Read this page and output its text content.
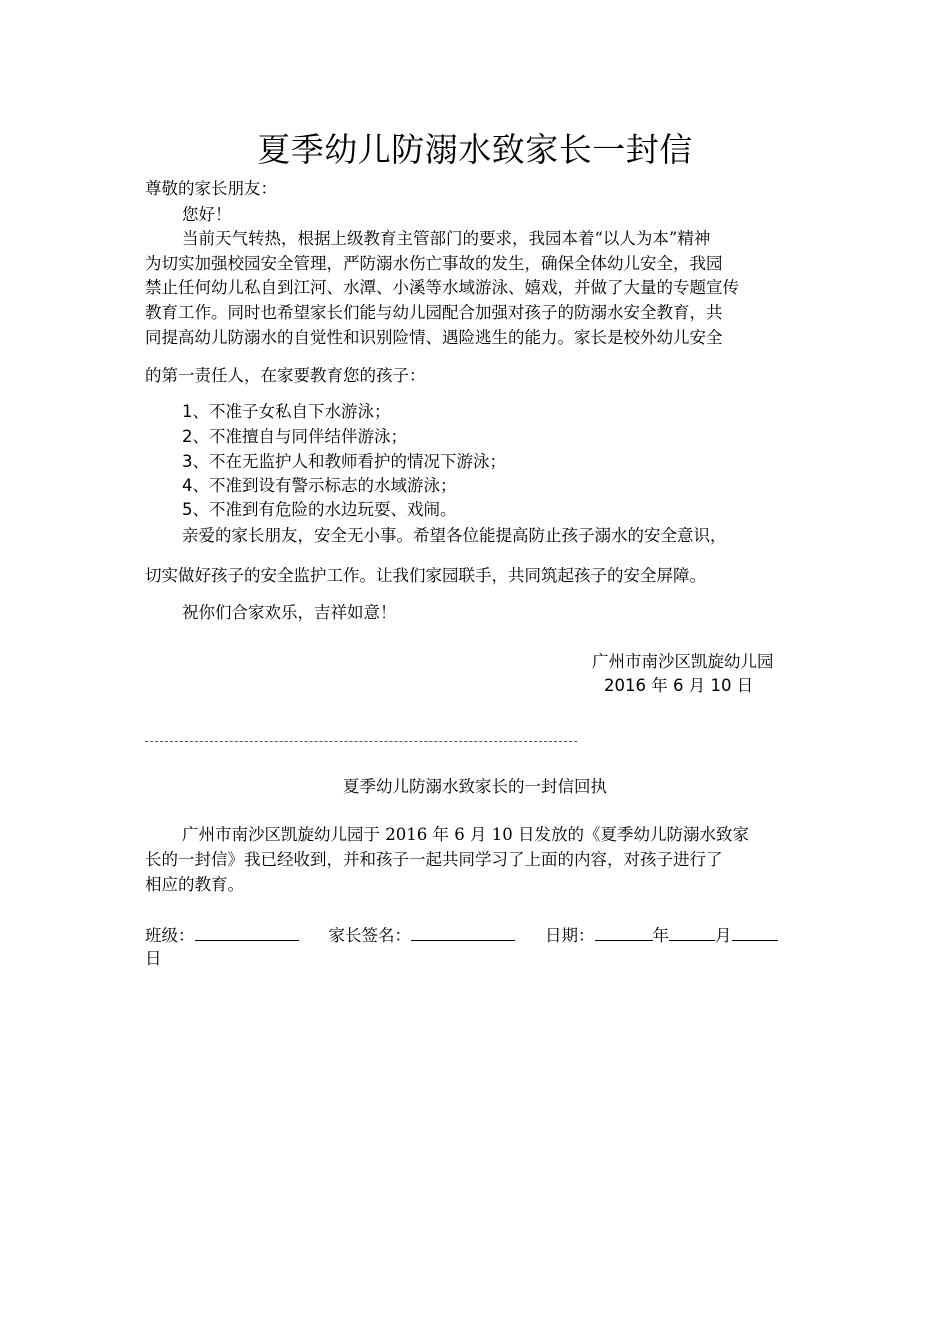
夏季幼儿防溺水致家长一封信
尊敬的家长朋友：
您好！
当前天气转热，根据上级教育主管部门的要求，我园本着“以人为本”精神
为切实加强校园安全管理，严防溺水伤亡事故的发生，确保全体幼儿安全，我园
禁止任何幼儿私自到江河、水潭、小溪等水域游泳、嬉戏，并做了大量的专题宣传
教育工作。同时也希望家长们能与幼儿园配合加强对孩子的防溺水安全教育，共
同提高幼儿防溺水的自觉性和识别险情、遇险逃生的能力。家长是校外幼儿安全
的第一责任人，在家要教育您的孩子：
1、不准子女私自下水游泳；
2、不准擅自与同伴结伴游泳；
3、不在无监护人和教师看护的情况下游泳；
4、不准到设有警示标志的水域游泳；
5、不准到有危险的水边玩耍、戏闹。
亲爱的家长朋友，安全无小事。希望各位能提高防止孩子溺水的安全意识，
切实做好孩子的安全监护工作。让我们家园联手，共同筑起孩子的安全屏障。
祝你们合家欢乐，吉祥如意！
广州市南沙区凯旋幼儿园
2016 年 6 月 10 日
夏季幼儿防溺水致家长的一封信回执
广州市南沙区凯旋幼儿园于 2016 年 6 月 10 日发放的《夏季幼儿防溺水致家
长的一封信》我已经收到，并和孩子一起共同学习了上面的内容，对孩子进行了
相应的教育。
班级：	家长签名：	日期：	年	月
日
